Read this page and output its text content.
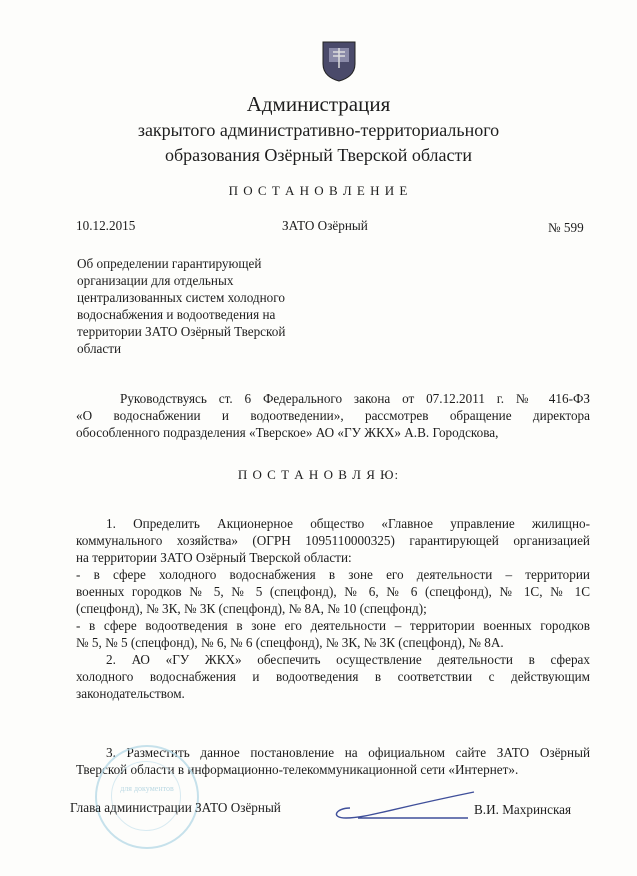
Администрация
закрытого административно-территориального
образования Озёрный Тверской области
П О С Т А Н О В Л Е Н И Е
10.12.2015	ЗАТО Озёрный	№ 599
Об определении гарантирующей
организации для отдельных
централизованных систем холодного
водоснабжения и водоотведения на
территории ЗАТО Озёрный Тверской
области
Руководствуясь ст. 6 Федерального закона от 07.12.2011 г. № 416-ФЗ
«О водоснабжении и водоотведении», рассмотрев обращение директора
обособленного подразделения «Тверское» АО «ГУ ЖКХ» А.В. Городскова,
П О С Т А Н О В Л Я Ю:
1. Определить Акционерное общество «Главное управление жилищно-
коммунального хозяйства» (ОГРН 1095110000325) гарантирующей организацией
на территории ЗАТО Озёрный Тверской области:
- в сфере холодного водоснабжения в зоне его деятельности – территории
военных городков № 5, № 5 (спецфонд), № 6, № 6 (спецфонд), № 1С, № 1С
(спецфонд), № 3К, № 3К (спецфонд), № 8А, № 10 (спецфонд);
- в сфере водоотведения в зоне его деятельности – территории военных городков
№ 5, № 5 (спецфонд), № 6, № 6 (спецфонд), № 3К, № 3К (спецфонд), № 8А.
2. АО «ГУ ЖКХ» обеспечить осуществление деятельности в сферах
холодного водоснабжения и водоотведения в соответствии с действующим
законодательством.
3. Разместить данное постановление на официальном сайте ЗАТО Озёрный
Тверской области в информационно-телекоммуникационной сети «Интернет».
для документов
Глава администрации ЗАТО Озёрный	В.И. Махринская
